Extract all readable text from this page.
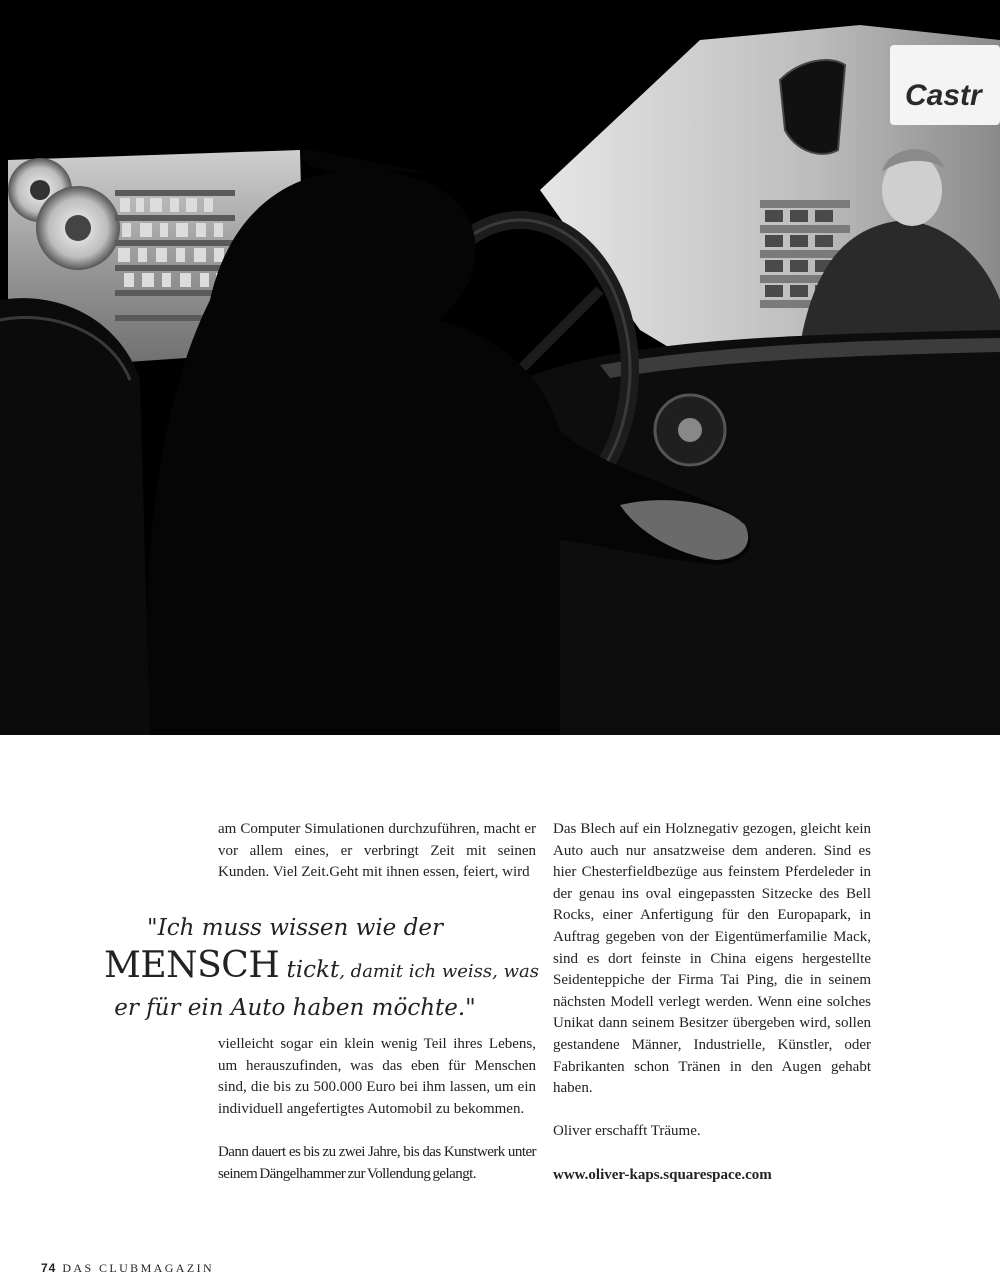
Castr

am Computer Simulationen durchzuführen, macht er vor allem eines, er verbringt Zeit mit seinen Kunden. Viel Zeit.Geht mit ihnen essen, feiert, wird

"Ich muss wissen wie der
MENSCH tickt, damit ich weiss, was
er für ein Auto haben möchte."

vielleicht sogar ein klein wenig Teil ihres Lebens, um herauszufinden, was das eben für Menschen sind, die bis zu 500.000 Euro bei ihm lassen, um ein individuell angefertigtes Automobil zu bekommen.

Dann dauert es bis zu zwei Jahre, bis das Kunstwerk unter seinem Dängelhammer zur Vollendung gelangt.

Das Blech auf ein Holznegativ gezogen, gleicht kein Auto auch nur ansatzweise dem anderen. Sind es hier Chesterfieldbezüge aus feinstem Pferdeleder in der genau ins oval eingepassten Sitzecke des Bell Rocks, einer Anfertigung für den Europapark, in Auftrag gegeben von der Eigentümerfamilie Mack, sind es dort feinste in China eigens hergestellte Seidenteppiche der Firma Tai Ping, die in seinem nächsten Modell verlegt werden. Wenn eine solches Unikat dann seinem Besitzer übergeben wird, sollen gestandene Männer, Industrielle, Künstler, oder Fabrikanten schon Tränen in den Augen gehabt haben.

Oliver erschafft Träume.

www.oliver-kaps.squarespace.com

74 DAS CLUBMAGAZIN
